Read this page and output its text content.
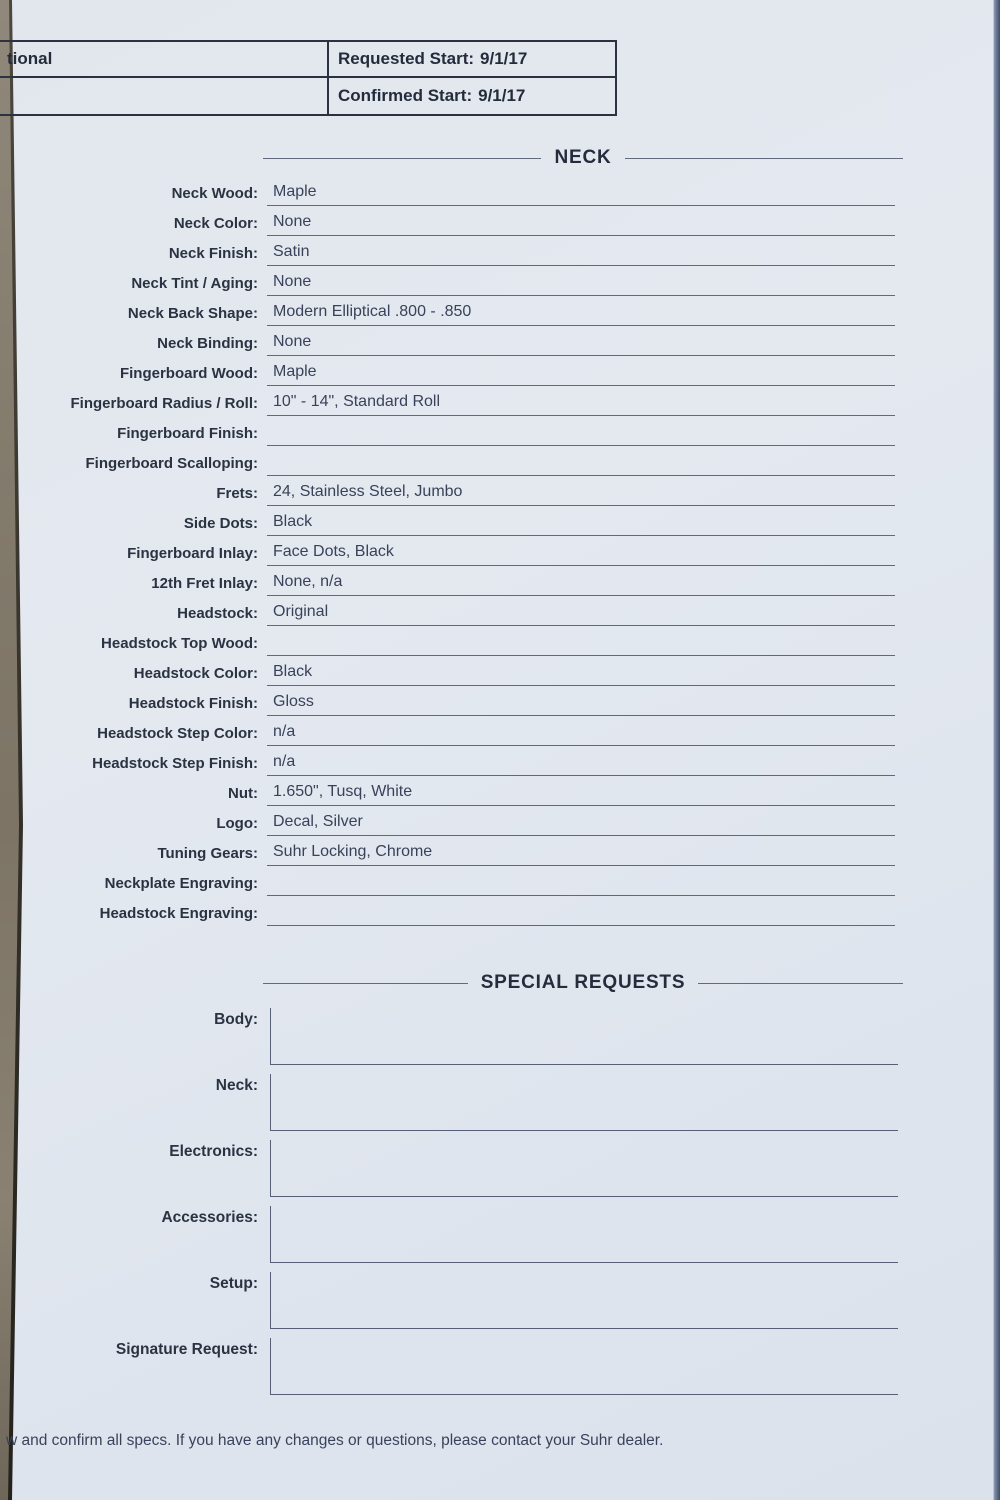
tional	Requested Start: 9/1/17
Confirmed Start: 9/1/17
NECK
Neck Wood: Maple
Neck Color: None
Neck Finish: Satin
Neck Tint / Aging: None
Neck Back Shape: Modern Elliptical .800 - .850
Neck Binding: None
Fingerboard Wood: Maple
Fingerboard Radius / Roll: 10" - 14", Standard Roll
Fingerboard Finish:
Fingerboard Scalloping:
Frets: 24, Stainless Steel, Jumbo
Side Dots: Black
Fingerboard Inlay: Face Dots, Black
12th Fret Inlay: None, n/a
Headstock: Original
Headstock Top Wood:
Headstock Color: Black
Headstock Finish: Gloss
Headstock Step Color: n/a
Headstock Step Finish: n/a
Nut: 1.650", Tusq, White
Logo: Decal, Silver
Tuning Gears: Suhr Locking, Chrome
Neckplate Engraving:
Headstock Engraving:
SPECIAL REQUESTS
Body:
Neck:
Electronics:
Accessories:
Setup:
Signature Request:
w and confirm all specs. If you have any changes or questions, please contact your Suhr dealer.
